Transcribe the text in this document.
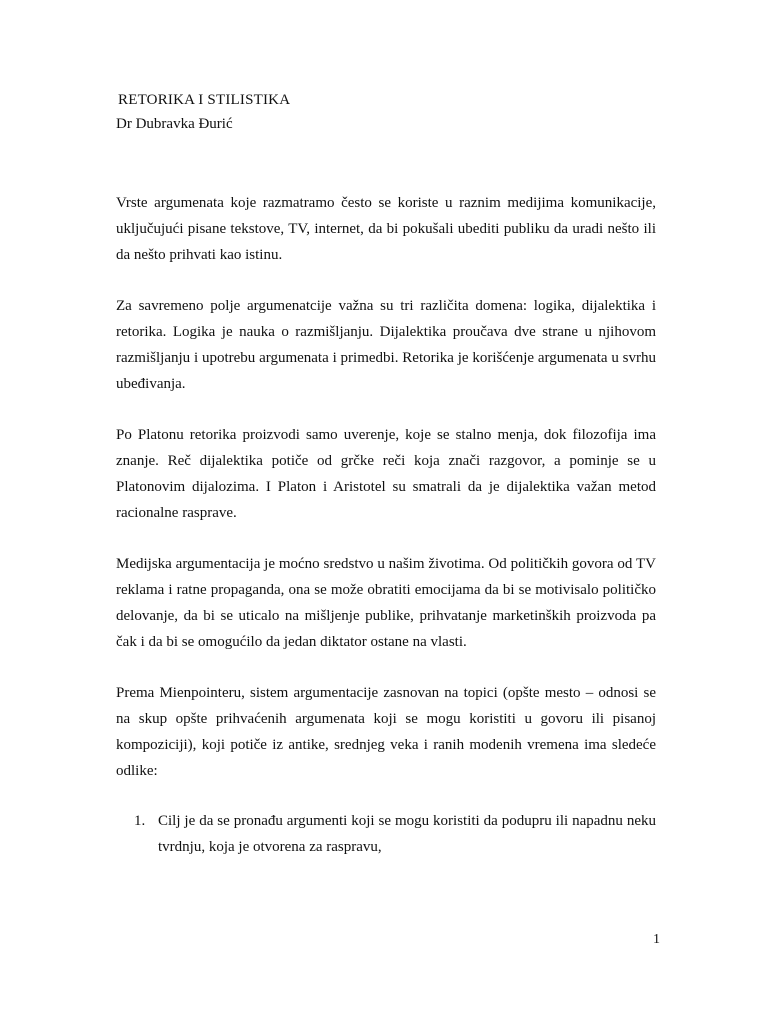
RETORIKA I STILISTIKA

Dr Dubravka Đurić

Vrste argumenata koje razmatramo često se koriste u raznim medijima komunikacije, uključujući pisane tekstove, TV, internet, da bi pokušali ubediti publiku da uradi nešto ili da nešto prihvati kao istinu.

Za savremeno polje argumenatcije važna su tri različita domena: logika, dijalektika i retorika. Logika je nauka o razmišljanju. Dijalektika proučava dve strane u njihovom razmišljanju i upotrebu argumenata i primedbi. Retorika je korišćenje argumenata u svrhu ubeđivanja.

Po Platonu retorika proizvodi samo uverenje, koje se stalno menja, dok filozofija ima znanje. Reč dijalektika potiče od grčke reči koja znači razgovor, a pominje se u Platonovim dijalozima. I Platon i Aristotel su smatrali da je dijalektika važan metod racionalne rasprave.

Medijska argumentacija je moćno sredstvo u našim životima. Od političkih govora od TV reklama i ratne propaganda, ona se može obratiti emocijama da bi se motivisalo političko delovanje, da bi se uticalo na mišljenje publike, prihvatanje marketinških proizvoda pa čak i da bi se omogućilo da jedan diktator ostane na vlasti.

Prema Mienpointeru, sistem argumentacije zasnovan na topici (opšte mesto – odnosi se na skup opšte prihvaćenih argumenata koji se mogu koristiti u govoru ili pisanoj kompoziciji), koji potiče iz antike, srednjeg veka i ranih modenih vremena ima sledeće odlike:

1. Cilj je da se pronađu argumenti koji se mogu koristiti da podupru ili napadnu neku tvrdnju, koja je otvorena za raspravu,
1
